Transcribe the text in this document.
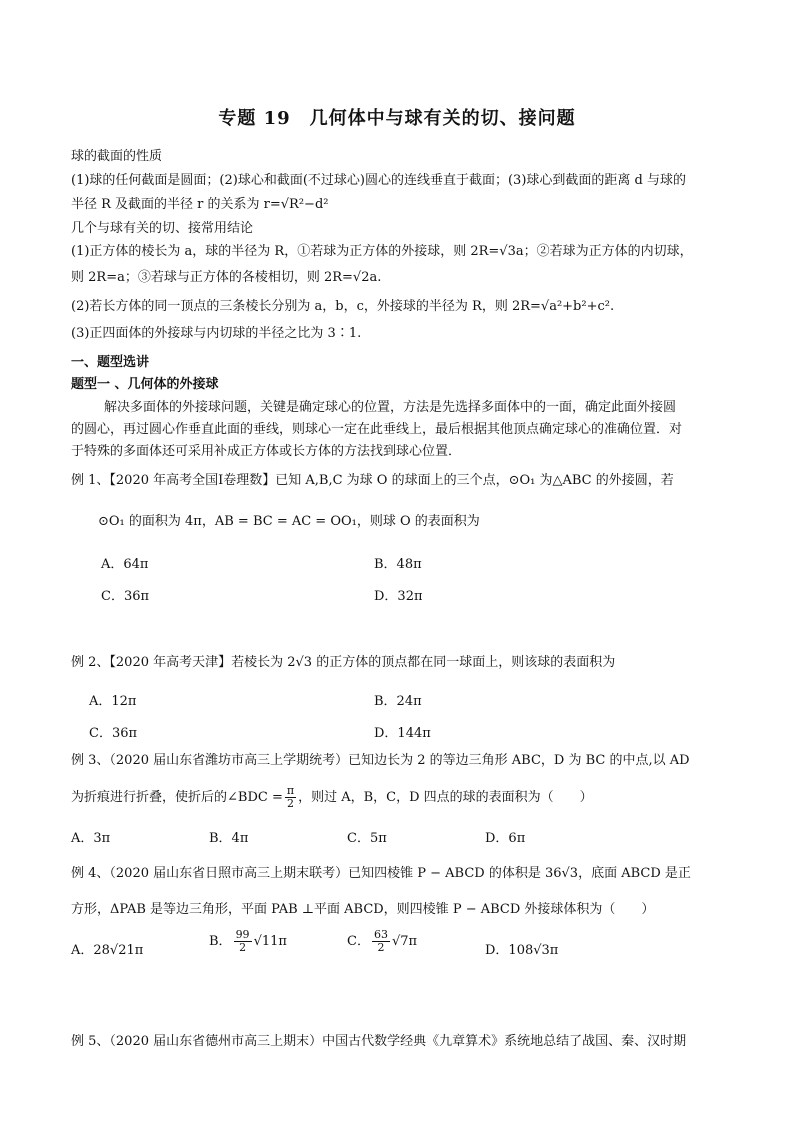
专题 19　几何体中与球有关的切、接问题
球的截面的性质
(1)球的任何截面是圆面；(2)球心和截面(不过球心)圆心的连线垂直于截面；(3)球心到截面的距离 d 与球的
半径 R 及截面的半径 r 的关系为 r=√R²−d²
几个与球有关的切、接常用结论
(1)正方体的棱长为 a，球的半径为 R，①若球为正方体的外接球，则 2R=√3a；②若球为正方体的内切球，
则 2R=a；③若球与正方体的各棱相切，则 2R=√2a.
(2)若长方体的同一顶点的三条棱长分别为 a，b，c，外接球的半径为 R，则 2R=√a²+b²+c².
(3)正四面体的外接球与内切球的半径之比为 3∶1.
一、题型选讲
题型一 、几何体的外接球
解决多面体的外接球问题，关键是确定球心的位置，方法是先选择多面体中的一面，确定此面外接圆
的圆心，再过圆心作垂直此面的垂线，则球心一定在此垂线上，最后根据其他顶点确定球心的准确位置．对
于特殊的多面体还可采用补成正方体或长方体的方法找到球心位置．
例 1、【2020 年高考全国Ⅰ卷理数】已知 A,B,C 为球 O 的球面上的三个点，⊙O₁ 为△ABC 的外接圆，若
⊙O₁ 的面积为 4π，AB = BC = AC = OO₁，则球 O 的表面积为
A．64π	B．48π
C．36π	D．32π
例 2、【2020 年高考天津】若棱长为 2√3 的正方体的顶点都在同一球面上，则该球的表面积为
A．12π	B．24π
C．36π	D．144π
例 3、（2020 届山东省潍坊市高三上学期统考）已知边长为 2 的等边三角形 ABC，D 为 BC 的中点,以 AD
为折痕进行折叠，使折后的∠BDC = $\frac{\pi}{2}$ ，则过 A，B，C，D 四点的球的表面积为（　　）
A．3π	B．4π	C．5π	D．6π
例 4、（2020 届山东省日照市高三上期末联考）已知四棱锥 P − ABCD 的体积是 36√3，底面 ABCD 是正
方形，ΔPAB 是等边三角形，平面 PAB ⊥平面 ABCD，则四棱锥 P − ABCD 外接球体积为（　　）
A．28√21π
B． $\frac{99}{2} √11\pi$	C． $\frac{63}{2} √7\pi$
D．108√3π
例 5、（2020 届山东省德州市高三上期末）中国古代数学经典《九章算术》系统地总结了战国、秦、汉时期
